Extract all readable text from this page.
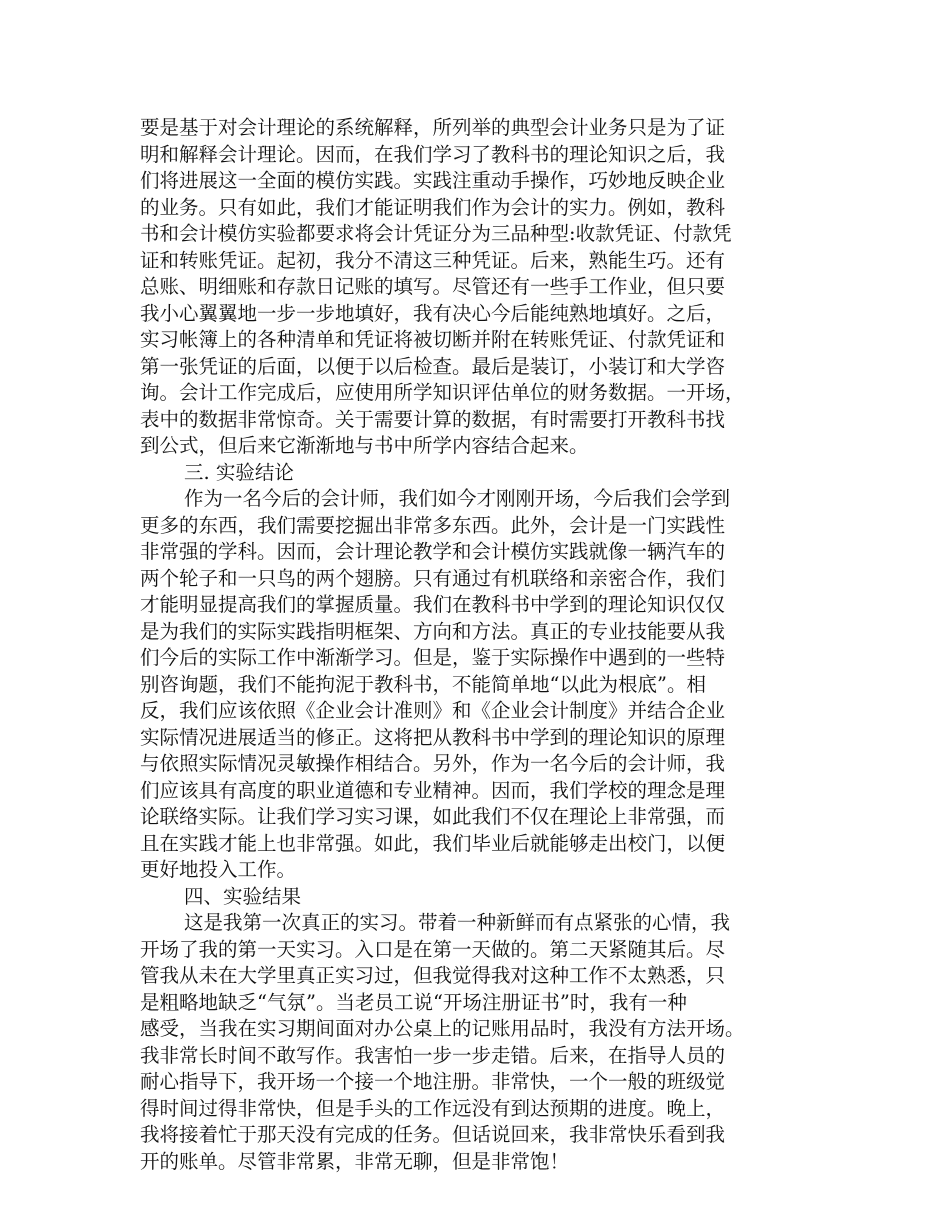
要是基于对会计理论的系统解释，所列举的典型会计业务只是为了证
明和解释会计理论。因而，在我们学习了教科书的理论知识之后，我
们将进展这一全面的模仿实践。实践注重动手操作，巧妙地反映企业
的业务。只有如此，我们才能证明我们作为会计的实力。例如，教科
书和会计模仿实验都要求将会计凭证分为三品种型:收款凭证、付款凭
证和转账凭证。起初，我分不清这三种凭证。后来，熟能生巧。还有
总账、明细账和存款日记账的填写。尽管还有一些手工作业，但只要
我小心翼翼地一步一步地填好，我有决心今后能纯熟地填好。之后，
实习帐簿上的各种清单和凭证将被切断并附在转账凭证、付款凭证和
第一张凭证的后面，以便于以后检查。最后是装订，小装订和大学咨
询。会计工作完成后，应使用所学知识评估单位的财务数据。一开场，
表中的数据非常惊奇。关于需要计算的数据，有时需要打开教科书找
到公式，但后来它渐渐地与书中所学内容结合起来。
三. 实验结论
作为一名今后的会计师，我们如今才刚刚开场，今后我们会学到
更多的东西，我们需要挖掘出非常多东西。此外，会计是一门实践性
非常强的学科。因而，会计理论教学和会计模仿实践就像一辆汽车的
两个轮子和一只鸟的两个翅膀。只有通过有机联络和亲密合作，我们
才能明显提高我们的掌握质量。我们在教科书中学到的理论知识仅仅
是为我们的实际实践指明框架、方向和方法。真正的专业技能要从我
们今后的实际工作中渐渐学习。但是，鉴于实际操作中遇到的一些特
别咨询题，我们不能拘泥于教科书，不能简单地“以此为根底”。相
反，我们应该依照《企业会计准则》和《企业会计制度》并结合企业
实际情况进展适当的修正。这将把从教科书中学到的理论知识的原理
与依照实际情况灵敏操作相结合。另外，作为一名今后的会计师，我
们应该具有高度的职业道德和专业精神。因而，我们学校的理念是理
论联络实际。让我们学习实习课，如此我们不仅在理论上非常强，而
且在实践才能上也非常强。如此，我们毕业后就能够走出校门，以便
更好地投入工作。
四、实验结果
这是我第一次真正的实习。带着一种新鲜而有点紧张的心情，我
开场了我的第一天实习。入口是在第一天做的。第二天紧随其后。尽
管我从未在大学里真正实习过，但我觉得我对这种工作不太熟悉，只
是粗略地缺乏“气氛”。当老员工说“开场注册证书”时，我有一种
感受，当我在实习期间面对办公桌上的记账用品时，我没有方法开场。
我非常长时间不敢写作。我害怕一步一步走错。后来，在指导人员的
耐心指导下，我开场一个接一个地注册。非常快，一个一般的班级觉
得时间过得非常快，但是手头的工作远没有到达预期的进度。晚上，
我将接着忙于那天没有完成的任务。但话说回来，我非常快乐看到我
开的账单。尽管非常累，非常无聊，但是非常饱！
